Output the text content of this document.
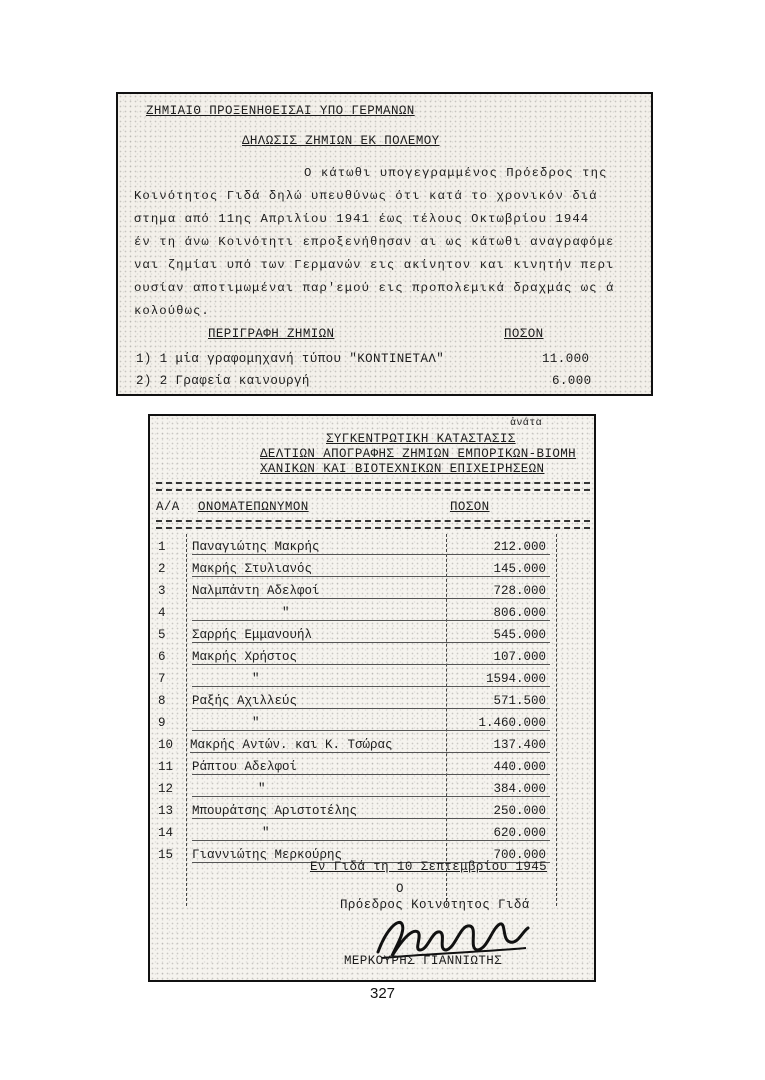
ΖΗΜΙΑΙΘ ΠΡΟΞΕΝΗΘΕΙΣΑΙ ΥΠΟ ΓΕΡΜΑΝΩΝ
ΔΗΛΩΣΙΣ ΖΗΜΙΩΝ ΕΚ ΠΟΛΕΜΟΥ
Ο κάτωθι υπογεγραμμένος Πρόεδρος της
Κοινότητος Γιδά δηλώ υπευθύνως ότι κατά το χρονικόν διά
στημα από 11ης Απριλίου 1941 έως τέλους Οκτωβρίου 1944
έν τη άνω Κοινότητι επροξενήθησαν αι ως κάτωθι αναγραφόμε
ναι ζημίαι υπό των Γερμανών εις ακίνητον και κινητήν περι
ουσίαν αποτιμωμέναι παρ'εμού εις προπολεμικά δραχμάς ως ά
κολούθως.
ΠΕΡΙΓΡΑΦΗ ΖΗΜΙΩΝ	ΠΟΣΟΝ
1) 1 μία γραφομηχανή τύπου "ΚΟΝΤΙΝΕΤΑΛ"	11.000
2) 2 Γραφεία καινουργή	6.000
ἀνάτα
ΣΥΓΚΕΝΤΡΩΤΙΚΗ ΚΑΤΑΣΤΑΣΙΣ
ΔΕΛΤΙΩΝ ΑΠΟΓΡΑΦΗΣ ΖΗΜΙΩΝ ΕΜΠΟΡΙΚΩΝ-ΒΙΟΜΗ
ΧΑΝΙΚΩΝ ΚΑΙ ΒΙΟΤΕΧΝΙΚΩΝ ΕΠΙΧΕΙΡΗΣΕΩΝ
Α/Α ΟΝΟΜΑΤΕΠΩΝΥΜΟΝ	ΠΟΣΟΝ
1	Παναγιώτης Μακρής	212.000
2	Μακρής Στυλιανός	145.000
3	Ναλμπάντη Αδελφοί	728.000
4	"	806.000
5	Σαρρής Εμμανουήλ	545.000
6	Μακρής Χρήστος	107.000
7	"	1594.000
8	Ραξής Αχιλλεύς	571.500
9	"	1.460.000
10	Μακρής Αντών. και Κ. Τσώρας	137.400
11	Ράπτου Αδελφοί	440.000
12	"	384.000
13	Μπουράτσης Αριστοτέλης	250.000
14	"	620.000
15	Γιαννιώτης Μερκούρης	700.000
Εν Γιδά τη 10 Σεπτεμβρίου 1945
Ο
Πρόεδρος Κοινότητος Γιδά
ΜΕΡΚΟΥΡΗΣ ΓΙΑΝΝΙΩΤΗΣ
327
